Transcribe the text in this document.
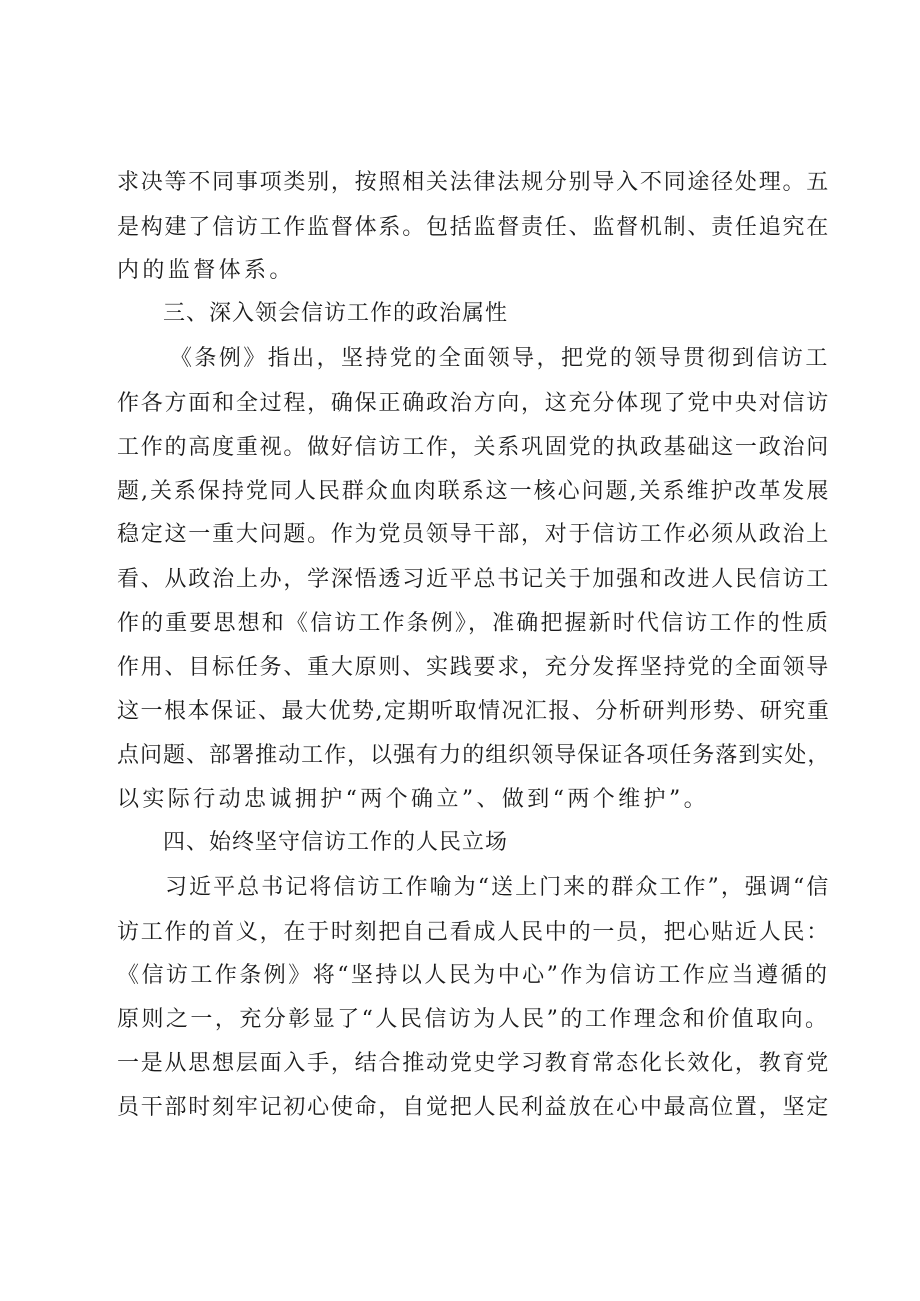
求决等不同事项类别，按照相关法律法规分别导入不同途径处理。五
是构建了信访工作监督体系。包括监督责任、监督机制、责任追究在
内的监督体系。
三、深入领会信访工作的政治属性
《条例》指出，坚持党的全面领导，把党的领导贯彻到信访工
作各方面和全过程，确保正确政治方向，这充分体现了党中央对信访
工作的高度重视。做好信访工作，关系巩固党的执政基础这一政治问
题,关系保持党同人民群众血肉联系这一核心问题,关系维护改革发展
稳定这一重大问题。作为党员领导干部，对于信访工作必须从政治上
看、从政治上办，学深悟透习近平总书记关于加强和改进人民信访工
作的重要思想和《信访工作条例》，准确把握新时代信访工作的性质
作用、目标任务、重大原则、实践要求，充分发挥坚持党的全面领导
这一根本保证、最大优势,定期听取情况汇报、分析研判形势、研究重
点问题、部署推动工作，以强有力的组织领导保证各项任务落到实处，
以实际行动忠诚拥护“两个确立”、做到“两个维护”。
四、始终坚守信访工作的人民立场
习近平总书记将信访工作喻为“送上门来的群众工作”，强调“信
访工作的首义，在于时刻把自己看成人民中的一员，把心贴近人民：
《信访工作条例》将“坚持以人民为中心”作为信访工作应当遵循的
原则之一，充分彰显了“人民信访为人民”的工作理念和价值取向。
一是从思想层面入手，结合推动党史学习教育常态化长效化，教育党
员干部时刻牢记初心使命，自觉把人民利益放在心中最高位置，坚定
